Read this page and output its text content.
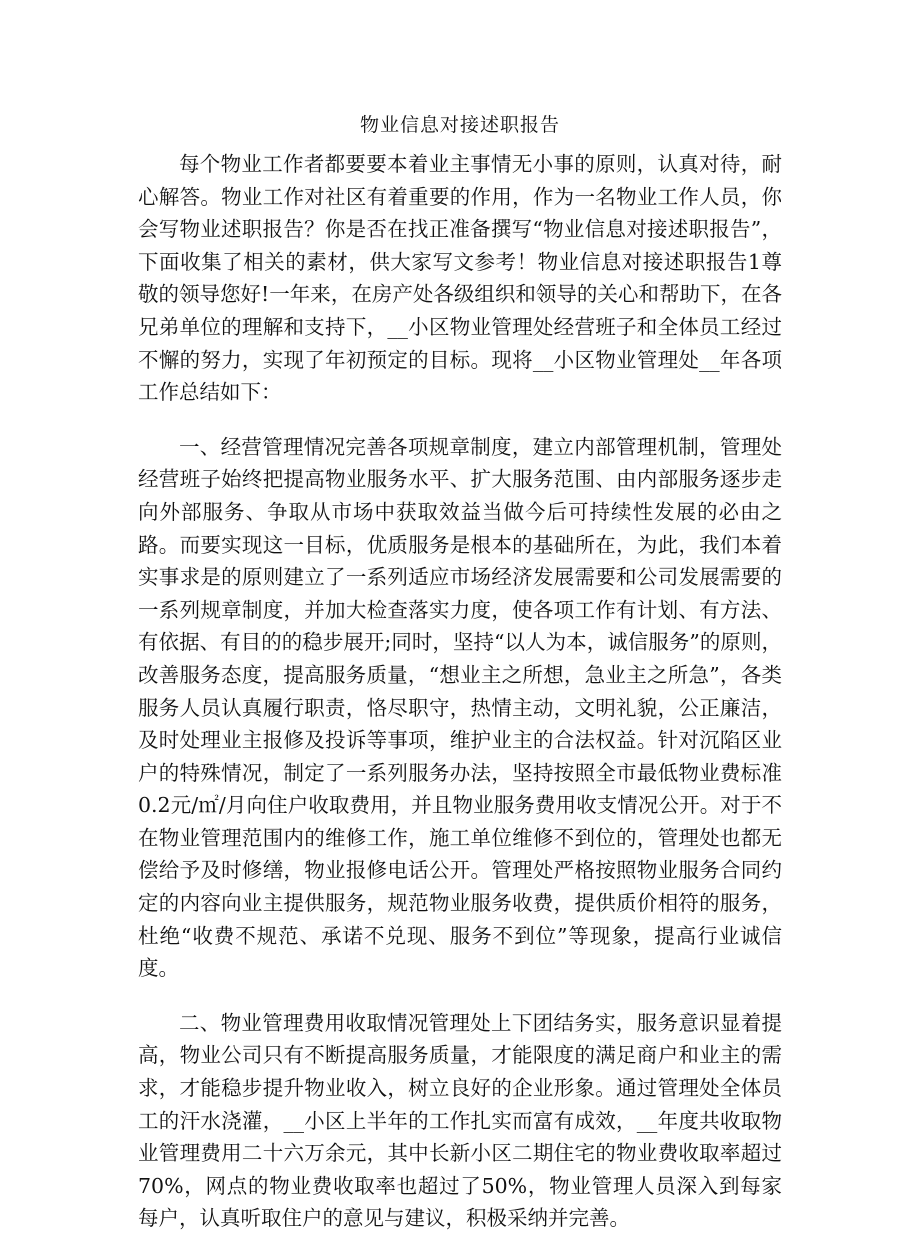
物业信息对接述职报告

每个物业工作者都要要本着业主事情无小事的原则，认真对待，耐心解答。物业工作对社区有着重要的作用，作为一名物业工作人员，你会写物业述职报告？你是否在找正准备撰写“物业信息对接述职报告”，下面收集了相关的素材，供大家写文参考！物业信息对接述职报告1尊敬的领导您好!一年来，在房产处各级组织和领导的关心和帮助下，在各兄弟单位的理解和支持下，__小区物业管理处经营班子和全体员工经过不懈的努力，实现了年初预定的目标。现将__小区物业管理处__年各项工作总结如下：

一、经营管理情况完善各项规章制度，建立内部管理机制，管理处经营班子始终把提高物业服务水平、扩大服务范围、由内部服务逐步走向外部服务、争取从市场中获取效益当做今后可持续性发展的必由之路。而要实现这一目标，优质服务是根本的基础所在，为此，我们本着实事求是的原则建立了一系列适应市场经济发展需要和公司发展需要的一系列规章制度，并加大检查落实力度，使各项工作有计划、有方法、有依据、有目的的稳步展开;同时，坚持“以人为本，诚信服务”的原则，改善服务态度，提高服务质量，“想业主之所想，急业主之所急”，各类服务人员认真履行职责，恪尽职守，热情主动，文明礼貌，公正廉洁，及时处理业主报修及投诉等事项，维护业主的合法权益。针对沉陷区业户的特殊情况，制定了一系列服务办法，坚持按照全市最低物业费标准0.2元/㎡/月向住户收取费用，并且物业服务费用收支情况公开。对于不在物业管理范围内的维修工作，施工单位维修不到位的，管理处也都无偿给予及时修缮，物业报修电话公开。管理处严格按照物业服务合同约定的内容向业主提供服务，规范物业服务收费，提供质价相符的服务，杜绝“收费不规范、承诺不兑现、服务不到位”等现象，提高行业诚信度。

二、物业管理费用收取情况管理处上下团结务实，服务意识显着提高，物业公司只有不断提高服务质量，才能限度的满足商户和业主的需求，才能稳步提升物业收入，树立良好的企业形象。通过管理处全体员工的汗水浇灌，__小区上半年的工作扎实而富有成效，__年度共收取物业管理费用二十六万余元，其中长新小区二期住宅的物业费收取率超过70%，网点的物业费收取率也超过了50%，物业管理人员深入到每家每户，认真听取住户的意见与建议，积极采纳并完善。
